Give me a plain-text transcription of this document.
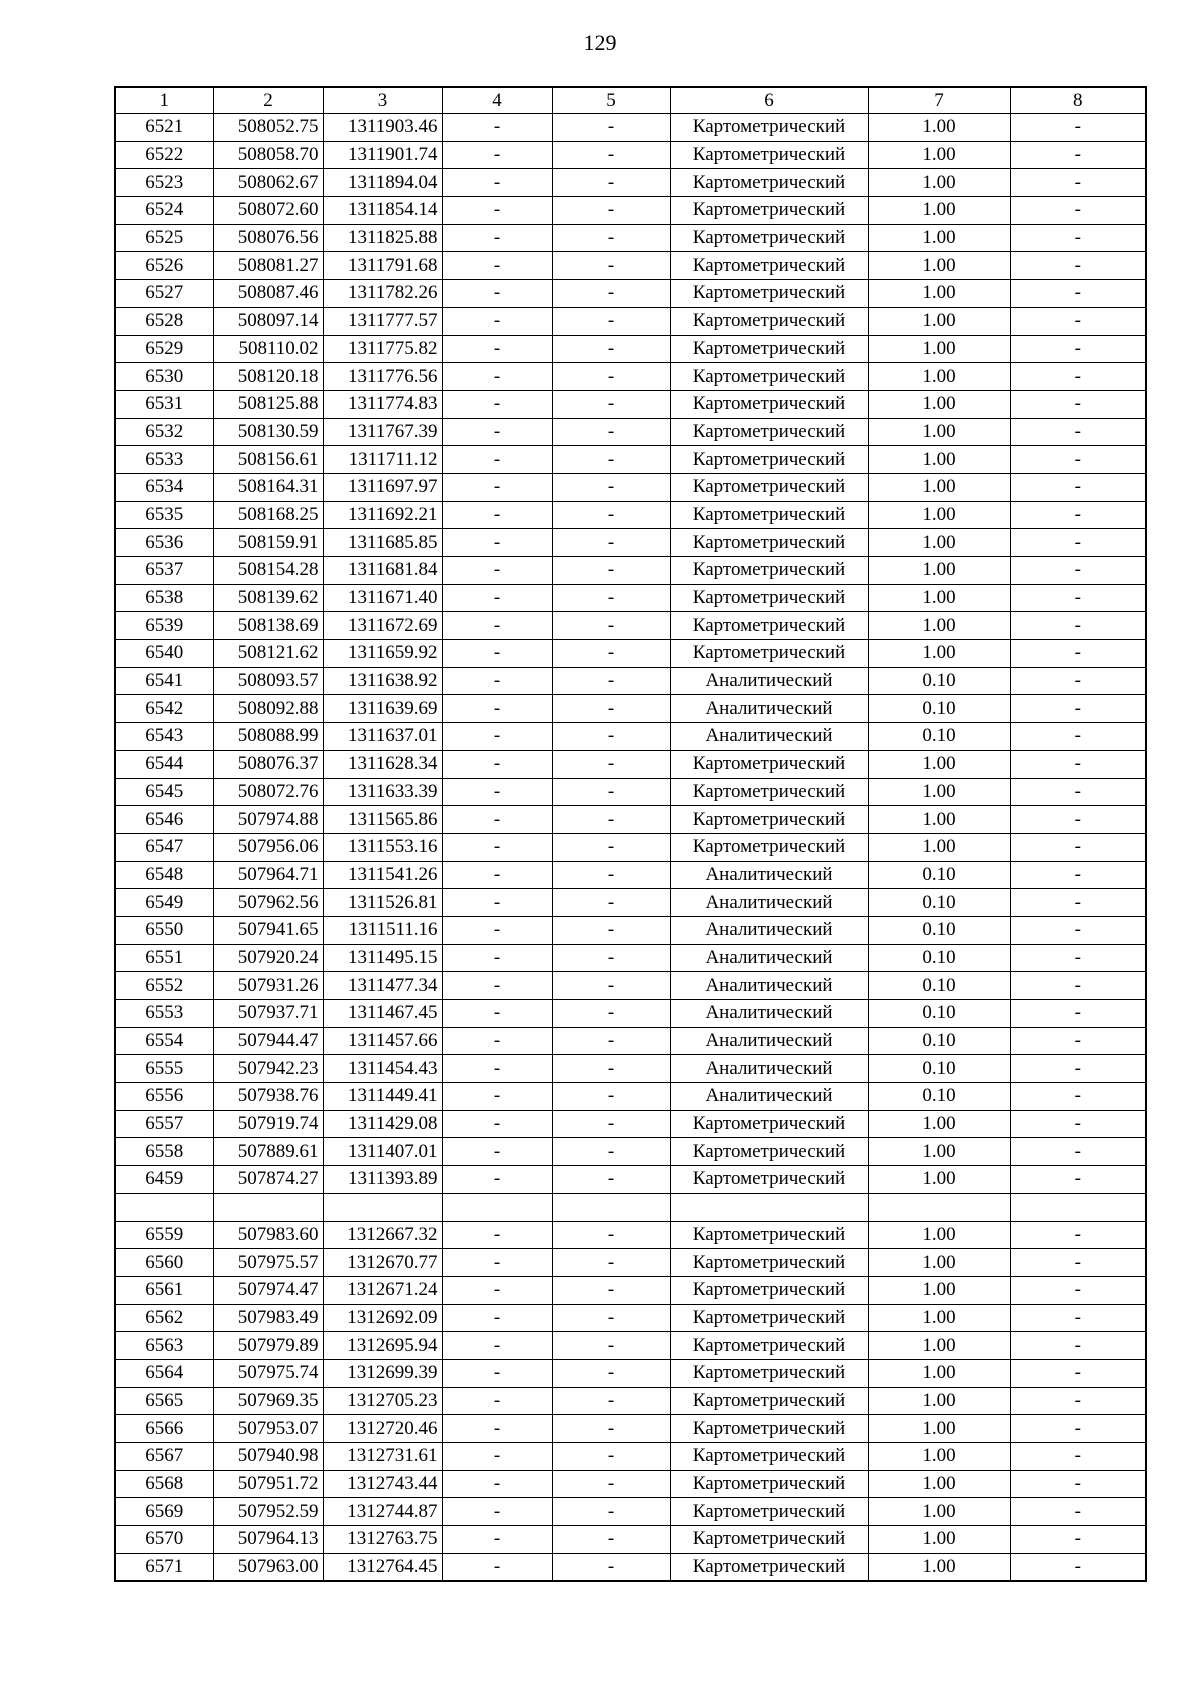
129
1	2	3	4	5	6	7	8
6521	508052.75	1311903.46	-	-	Картометрический	1.00	-
6522	508058.70	1311901.74	-	-	Картометрический	1.00	-
6523	508062.67	1311894.04	-	-	Картометрический	1.00	-
6524	508072.60	1311854.14	-	-	Картометрический	1.00	-
6525	508076.56	1311825.88	-	-	Картометрический	1.00	-
6526	508081.27	1311791.68	-	-	Картометрический	1.00	-
6527	508087.46	1311782.26	-	-	Картометрический	1.00	-
6528	508097.14	1311777.57	-	-	Картометрический	1.00	-
6529	508110.02	1311775.82	-	-	Картометрический	1.00	-
6530	508120.18	1311776.56	-	-	Картометрический	1.00	-
6531	508125.88	1311774.83	-	-	Картометрический	1.00	-
6532	508130.59	1311767.39	-	-	Картометрический	1.00	-
6533	508156.61	1311711.12	-	-	Картометрический	1.00	-
6534	508164.31	1311697.97	-	-	Картометрический	1.00	-
6535	508168.25	1311692.21	-	-	Картометрический	1.00	-
6536	508159.91	1311685.85	-	-	Картометрический	1.00	-
6537	508154.28	1311681.84	-	-	Картометрический	1.00	-
6538	508139.62	1311671.40	-	-	Картометрический	1.00	-
6539	508138.69	1311672.69	-	-	Картометрический	1.00	-
6540	508121.62	1311659.92	-	-	Картометрический	1.00	-
6541	508093.57	1311638.92	-	-	Аналитический	0.10	-
6542	508092.88	1311639.69	-	-	Аналитический	0.10	-
6543	508088.99	1311637.01	-	-	Аналитический	0.10	-
6544	508076.37	1311628.34	-	-	Картометрический	1.00	-
6545	508072.76	1311633.39	-	-	Картометрический	1.00	-
6546	507974.88	1311565.86	-	-	Картометрический	1.00	-
6547	507956.06	1311553.16	-	-	Картометрический	1.00	-
6548	507964.71	1311541.26	-	-	Аналитический	0.10	-
6549	507962.56	1311526.81	-	-	Аналитический	0.10	-
6550	507941.65	1311511.16	-	-	Аналитический	0.10	-
6551	507920.24	1311495.15	-	-	Аналитический	0.10	-
6552	507931.26	1311477.34	-	-	Аналитический	0.10	-
6553	507937.71	1311467.45	-	-	Аналитический	0.10	-
6554	507944.47	1311457.66	-	-	Аналитический	0.10	-
6555	507942.23	1311454.43	-	-	Аналитический	0.10	-
6556	507938.76	1311449.41	-	-	Аналитический	0.10	-
6557	507919.74	1311429.08	-	-	Картометрический	1.00	-
6558	507889.61	1311407.01	-	-	Картометрический	1.00	-
6459	507874.27	1311393.89	-	-	Картометрический	1.00	-

6559	507983.60	1312667.32	-	-	Картометрический	1.00	-
6560	507975.57	1312670.77	-	-	Картометрический	1.00	-
6561	507974.47	1312671.24	-	-	Картометрический	1.00	-
6562	507983.49	1312692.09	-	-	Картометрический	1.00	-
6563	507979.89	1312695.94	-	-	Картометрический	1.00	-
6564	507975.74	1312699.39	-	-	Картометрический	1.00	-
6565	507969.35	1312705.23	-	-	Картометрический	1.00	-
6566	507953.07	1312720.46	-	-	Картометрический	1.00	-
6567	507940.98	1312731.61	-	-	Картометрический	1.00	-
6568	507951.72	1312743.44	-	-	Картометрический	1.00	-
6569	507952.59	1312744.87	-	-	Картометрический	1.00	-
6570	507964.13	1312763.75	-	-	Картометрический	1.00	-
6571	507963.00	1312764.45	-	-	Картометрический	1.00	-
